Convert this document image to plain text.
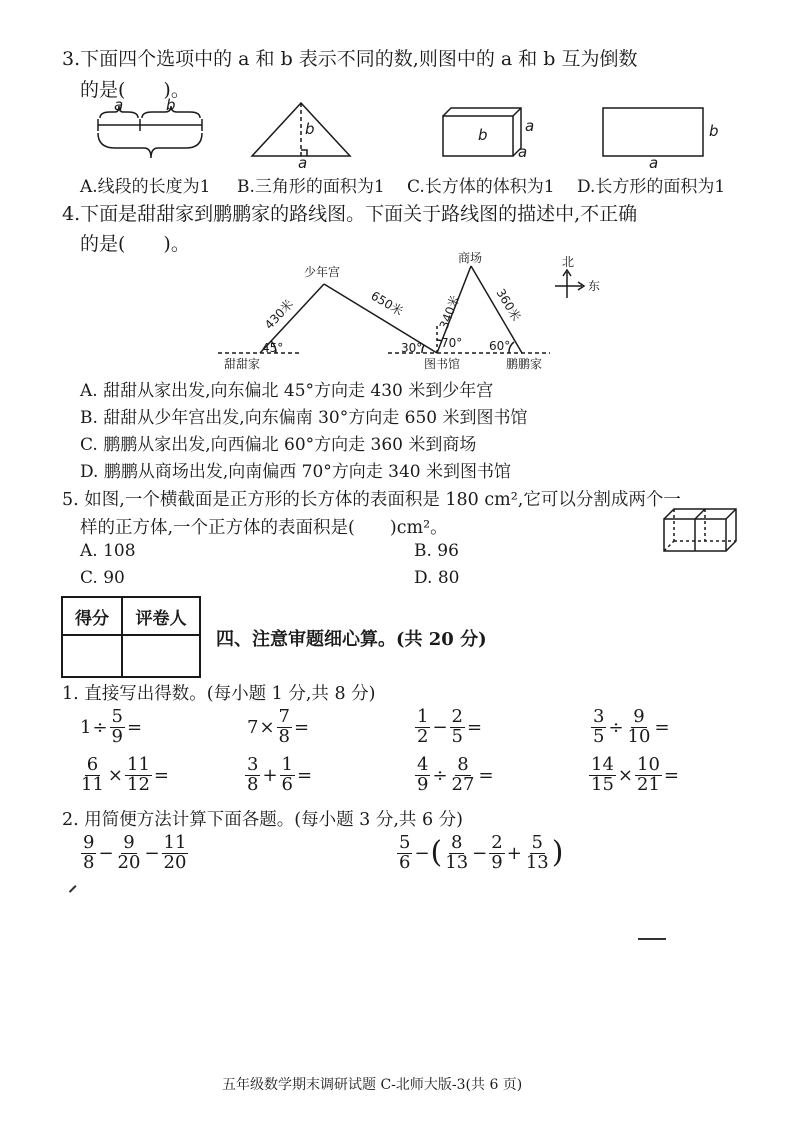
3.下面四个选项中的 a 和 b 表示不同的数,则图中的 a 和 b 互为倒数
的是(　　)。
a	b
b
a
b a
a
b
a
A.线段的长度为1 B.三角形的面积为1 C.长方体的体积为1 D.长方形的面积为1
4.下面是甜甜家到鹏鹏家的路线图。下面关于路线图的描述中,不正确
的是(　　)。
北
东
少年宫
商场
甜甜家	图书馆	鹏鹏家
430米	650米	340米	360米
45°	30° 70° 60°
A. 甜甜从家出发,向东偏北 45°方向走 430 米到少年宫
B. 甜甜从少年宫出发,向东偏南 30°方向走 650 米到图书馆
C. 鹏鹏从家出发,向西偏北 60°方向走 360 米到商场
D. 鹏鹏从商场出发,向南偏西 70°方向走 340 米到图书馆
5. 如图,一个横截面是正方形的长方体的表面积是 180 cm²,它可以分割成两个一
样的正方体,一个正方体的表面积是(　　)cm²。
A. 108	B. 96
C. 90	D. 80
得分	评卷人

四、注意审题细心算。(共 20 分)
1. 直接写出得数。(每小题 1 分,共 8 分)
$1 \div \frac{5}{9}$ =	$7 \times \frac{7}{8}$ =	$\frac{1}{2} - \frac{2}{5}$ =	$\frac{3}{5} \div \frac{9}{10}$ =
$\frac{6}{11} \times \frac{11}{12}$ =	$\frac{3}{8} + \frac{1}{6}$ =	$\frac{4}{9} \div \frac{8}{27}$ =	$\frac{14}{15} \times \frac{10}{21}$ =
2. 用简便方法计算下面各题。(每小题 3 分,共 6 分)
$\frac{9}{8} - \frac{9}{20} - \frac{11}{20}$	$\frac{5}{6}$ − ( $\frac{8}{13} - \frac{2}{9} + \frac{5}{13}$ )
五年级数学期末调研试题 C-北师大版-3(共 6 页)
